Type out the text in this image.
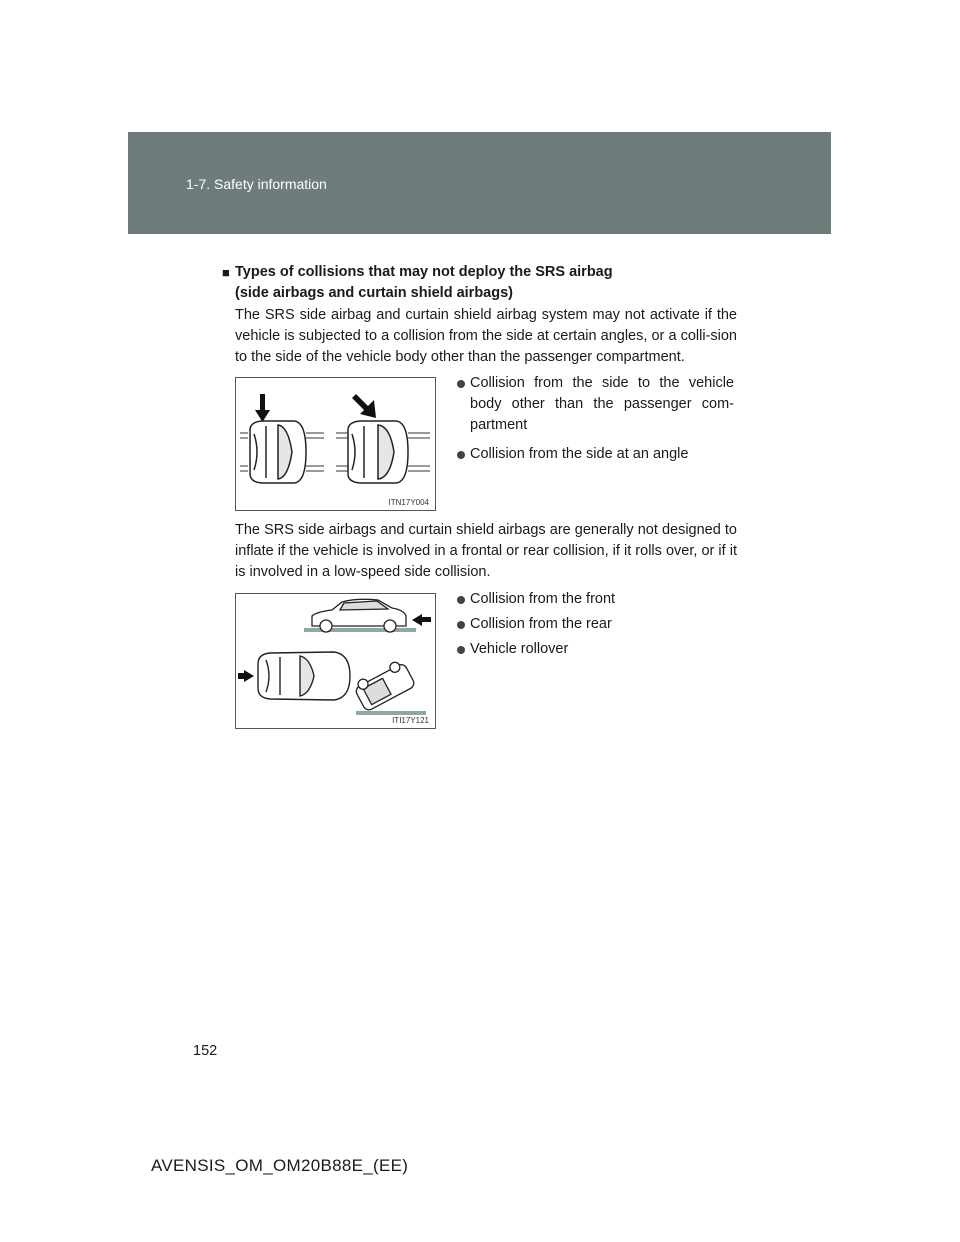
1-7. Safety information
■ Types of collisions that may not deploy the SRS airbag
(side airbags and curtain shield airbags)
The SRS side airbag and curtain shield airbag system may not activate if the vehicle is subjected to a collision from the side at certain angles, or a colli-sion to the side of the vehicle body other than the passenger compartment.
ITN17Y004
Collision from the side to the vehicle body other than the passenger com-partment
Collision from the side at an angle
The SRS side airbags and curtain shield airbags are generally not designed to inflate if the vehicle is involved in a frontal or rear collision, if it rolls over, or if it is involved in a low-speed side collision.
ITI17Y121
Collision from the front
Collision from the rear
Vehicle rollover
152
AVENSIS_OM_OM20B88E_(EE)
